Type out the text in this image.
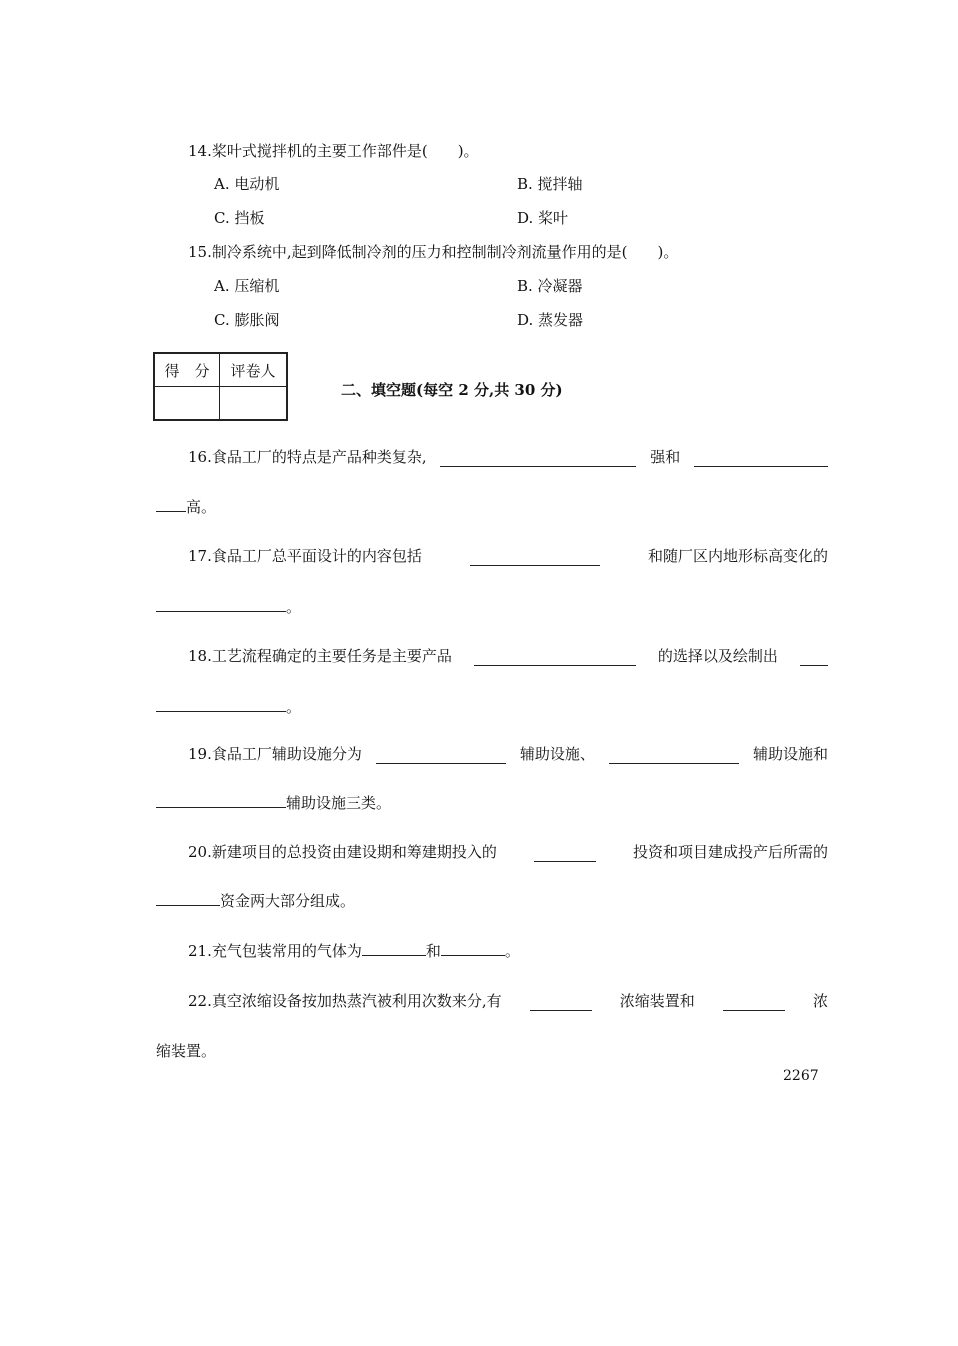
14.桨叶式搅拌机的主要工作部件是(　　)。
A. 电动机	B. 搅拌轴
C. 挡板	D. 桨叶
15.制冷系统中,起到降低制冷剂的压力和控制制冷剂流量作用的是(　　)。
A. 压缩机	B. 冷凝器
C. 膨胀阀	D. 蒸发器
得　分	评卷人

二、填空题(每空 2 分,共 30 分)
16.食品工厂的特点是产品种类复杂,	强和
高。
17.食品工厂总平面设计的内容包括	和随厂区内地形标高变化的
。
18.工艺流程确定的主要任务是主要产品	的选择以及绘制出
。
19.食品工厂辅助设施分为	辅助设施、	辅助设施和
辅助设施三类。
20.新建项目的总投资由建设期和筹建期投入的	投资和项目建成投产后所需的
资金两大部分组成。
21.充气包装常用的气体为	和	。
22.真空浓缩设备按加热蒸汽被利用次数来分,有	浓缩装置和	浓
缩装置。
2267
